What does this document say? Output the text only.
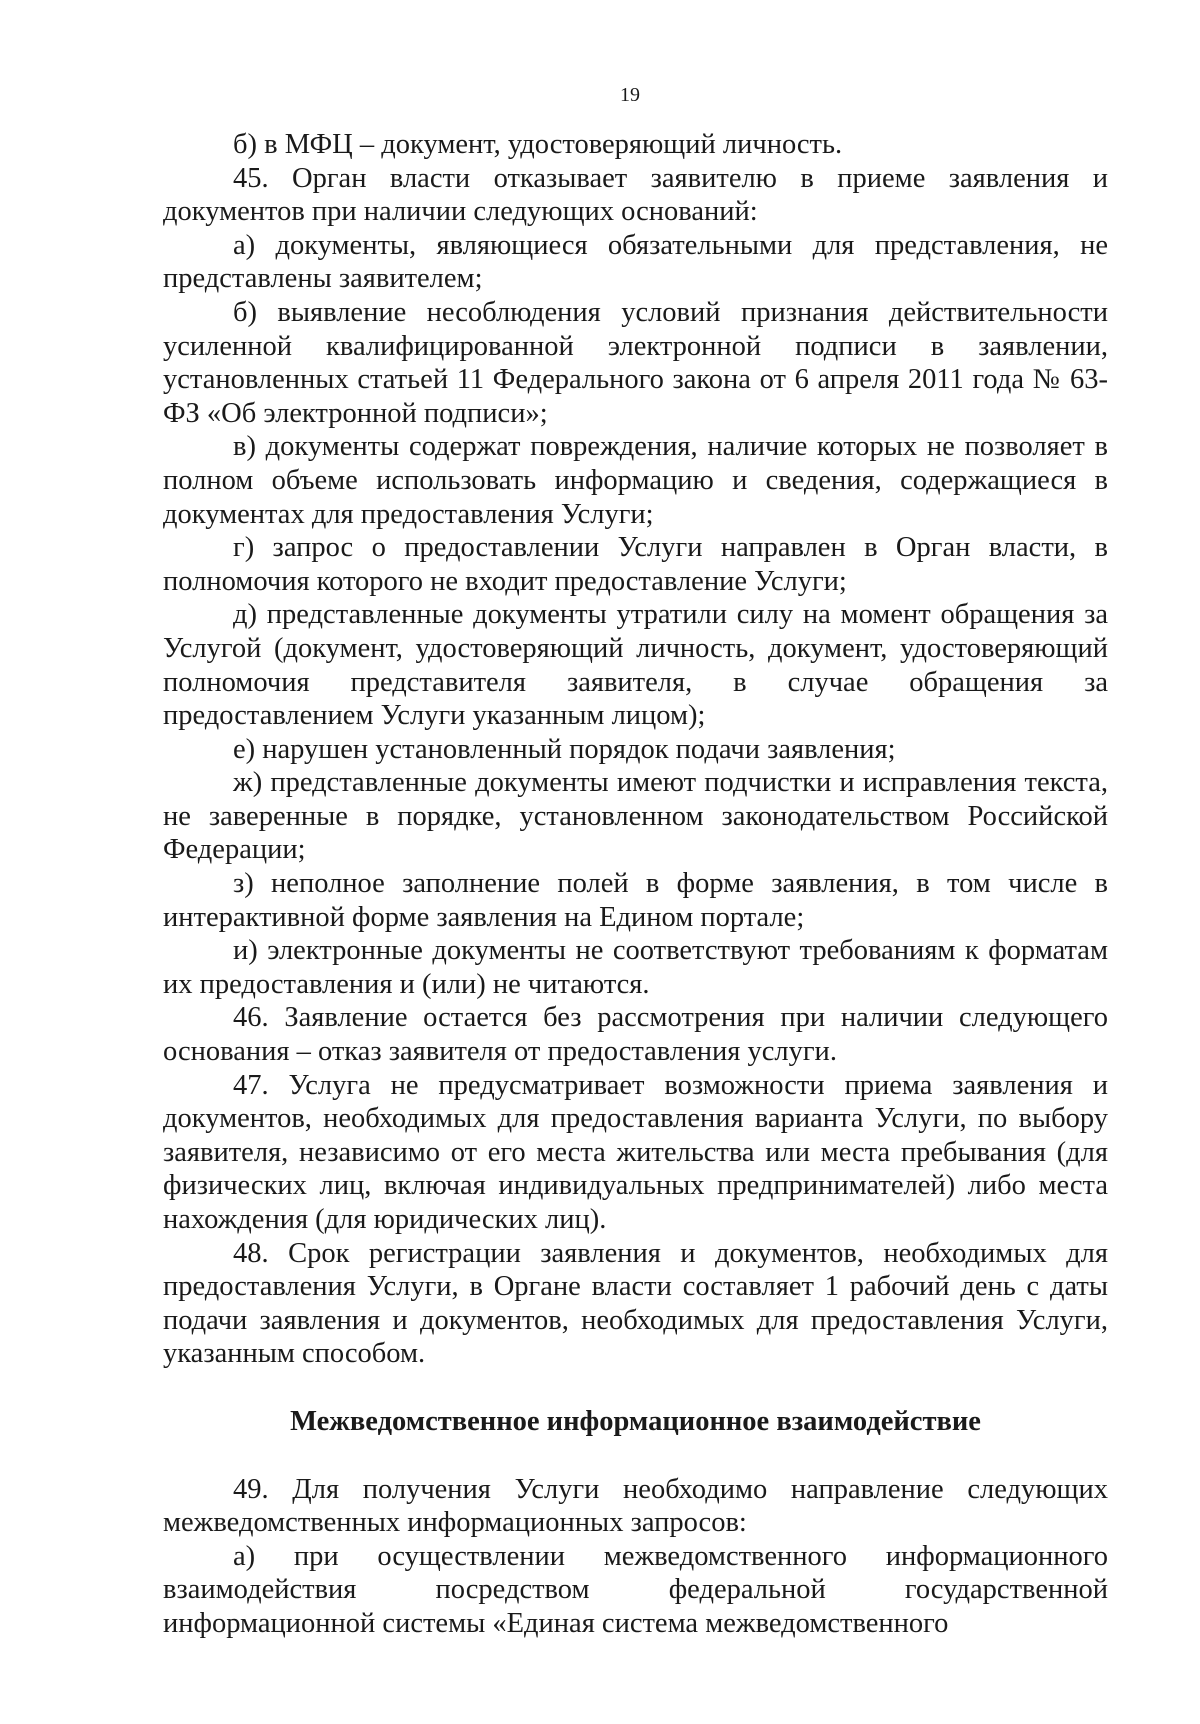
19

б) в МФЦ – документ, удостоверяющий личность.

45. Орган власти отказывает заявителю в приеме заявления и документов при наличии следующих оснований:

а) документы, являющиеся обязательными для представления, не представлены заявителем;

б) выявление несоблюдения условий признания действительности усиленной квалифицированной электронной подписи в заявлении, установленных статьей 11 Федерального закона от 6 апреля 2011 года № 63-ФЗ «Об электронной подписи»;

в) документы содержат повреждения, наличие которых не позволяет в полном объеме использовать информацию и сведения, содержащиеся в документах для предоставления Услуги;

г) запрос о предоставлении Услуги направлен в Орган власти, в полномочия которого не входит предоставление Услуги;

д) представленные документы утратили силу на момент обращения за Услугой (документ, удостоверяющий личность, документ, удостоверяющий полномочия представителя заявителя, в случае обращения за предоставлением Услуги указанным лицом);

е) нарушен установленный порядок подачи заявления;

ж) представленные документы имеют подчистки и исправления текста, не заверенные в порядке, установленном законодательством Российской Федерации;

з) неполное заполнение полей в форме заявления, в том числе в интерактивной форме заявления на Едином портале;

и) электронные документы не соответствуют требованиям к форматам их предоставления и (или) не читаются.

46. Заявление остается без рассмотрения при наличии следующего основания – отказ заявителя от предоставления услуги.

47. Услуга не предусматривает возможности приема заявления и документов, необходимых для предоставления варианта Услуги, по выбору заявителя, независимо от его места жительства или места пребывания (для физических лиц, включая индивидуальных предпринимателей) либо места нахождения (для юридических лиц).

48. Срок регистрации заявления и документов, необходимых для предоставления Услуги, в Органе власти составляет 1 рабочий день с даты подачи заявления и документов, необходимых для предоставления Услуги, указанным способом.

Межведомственное информационное взаимодействие

49. Для получения Услуги необходимо направление следующих межведомственных информационных запросов:

а) при осуществлении межведомственного информационного взаимодействия посредством федеральной государственной информационной системы «Единая система межведомственного
